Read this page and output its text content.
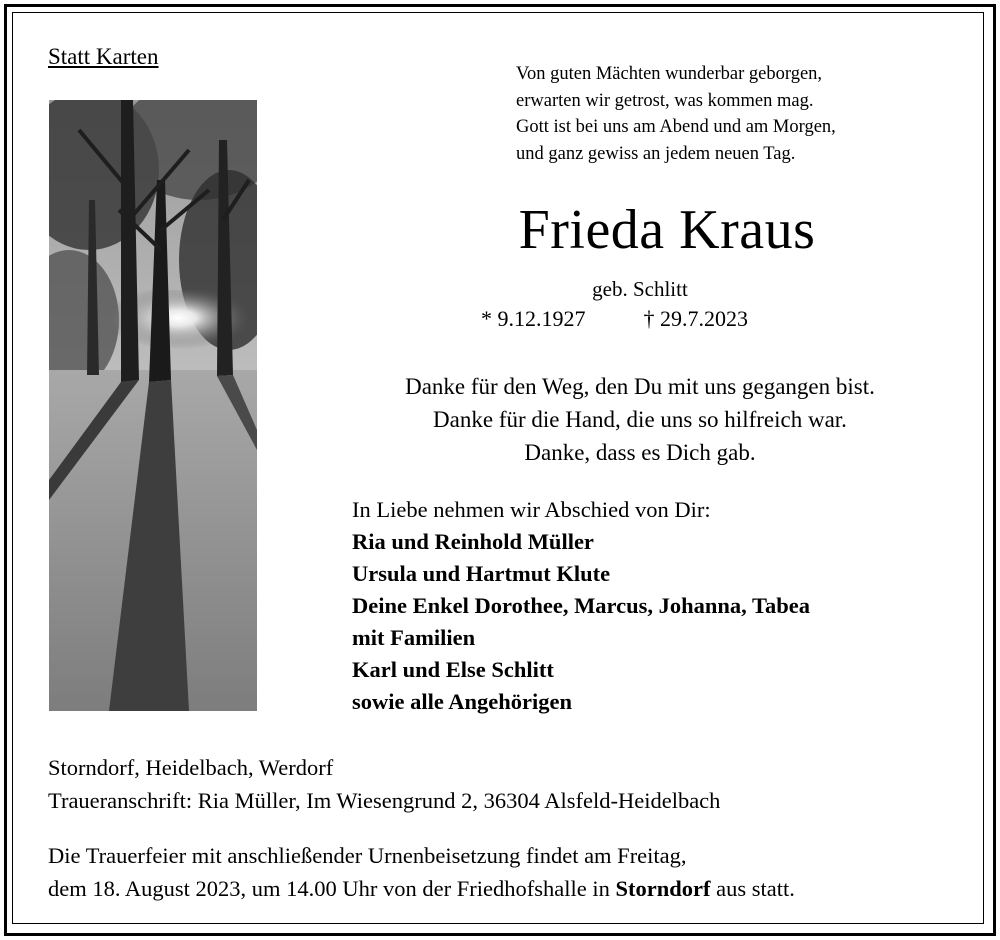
Statt Karten

Von guten Mächten wunderbar geborgen,
erwarten wir getrost, was kommen mag.
Gott ist bei uns am Abend und am Morgen,
und ganz gewiss an jedem neuen Tag.

Frieda Kraus

geb. Schlitt

* 9.12.1927	† 29.7.2023

Danke für den Weg, den Du mit uns gegangen bist.
Danke für die Hand, die uns so hilfreich war.
Danke, dass es Dich gab.
In Liebe nehmen wir Abschied von Dir:
Ria und Reinhold Müller
Ursula und Hartmut Klute
Deine Enkel Dorothee, Marcus, Johanna, Tabea
mit Familien
Karl und Else Schlitt
sowie alle Angehörigen
Storndorf, Heidelbach, Werdorf
Traueranschrift: Ria Müller, Im Wiesengrund 2, 36304 Alsfeld-Heidelbach
Die Trauerfeier mit anschließender Urnenbeisetzung findet am Freitag,
dem 18. August 2023, um 14.00 Uhr von der Friedhofshalle in Storndorf aus statt.
